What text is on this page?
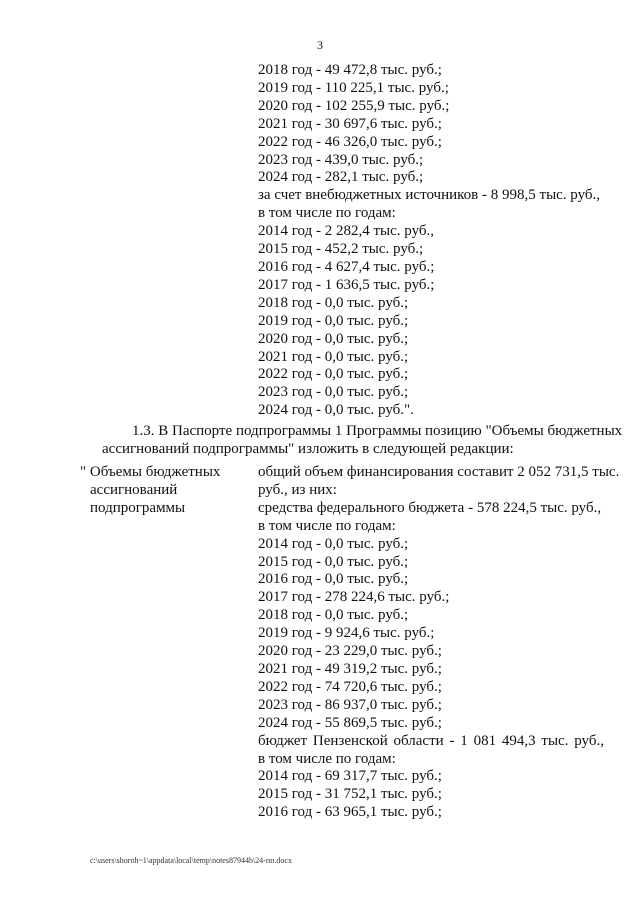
3
2018 год - 49 472,8 тыс. руб.;
2019 год - 110 225,1 тыс. руб.;
2020 год - 102 255,9 тыс. руб.;
2021 год - 30 697,6 тыс. руб.;
2022 год - 46 326,0 тыс. руб.;
2023 год - 439,0 тыс. руб.;
2024 год - 282,1 тыс. руб.;
за счет внебюджетных источников - 8 998,5 тыс. руб.,
в том числе по годам:
2014 год - 2 282,4 тыс. руб.,
2015 год - 452,2 тыс. руб.;
2016 год - 4 627,4 тыс. руб.;
2017 год - 1 636,5 тыс. руб.;
2018 год - 0,0 тыс. руб.;
2019 год - 0,0 тыс. руб.;
2020 год - 0,0 тыс. руб.;
2021 год - 0,0 тыс. руб.;
2022 год - 0,0 тыс. руб.;
2023 год - 0,0 тыс. руб.;
2024 год - 0,0 тыс. руб.".
1.3. В Паспорте подпрограммы 1 Программы позицию "Объемы бюджетных
ассигнований подпрограммы" изложить в следующей редакции:
" Объемы бюджетных
ассигнований
подпрограммы
общий объем финансирования составит 2 052 731,5 тыс.
руб., из них:
средства федерального бюджета - 578 224,5 тыс. руб.,
в том числе по годам:
2014 год - 0,0 тыс. руб.;
2015 год - 0,0 тыс. руб.;
2016 год - 0,0 тыс. руб.;
2017 год - 278 224,6 тыс. руб.;
2018 год - 0,0 тыс. руб.;
2019 год - 9 924,6 тыс. руб.;
2020 год - 23 229,0 тыс. руб.;
2021 год - 49 319,2 тыс. руб.;
2022 год - 74 720,6 тыс. руб.;
2023 год - 86 937,0 тыс. руб.;
2024 год - 55 869,5 тыс. руб.;
бюджет Пензенской области - 1 081 494,3 тыс. руб.,
в том числе по годам:
2014 год - 69 317,7 тыс. руб.;
2015 год - 31 752,1 тыс. руб.;
2016 год - 63 965,1 тыс. руб.;
c:\users\shoroh~1\appdata\local\temp\notes87944b\24-пп.docx
